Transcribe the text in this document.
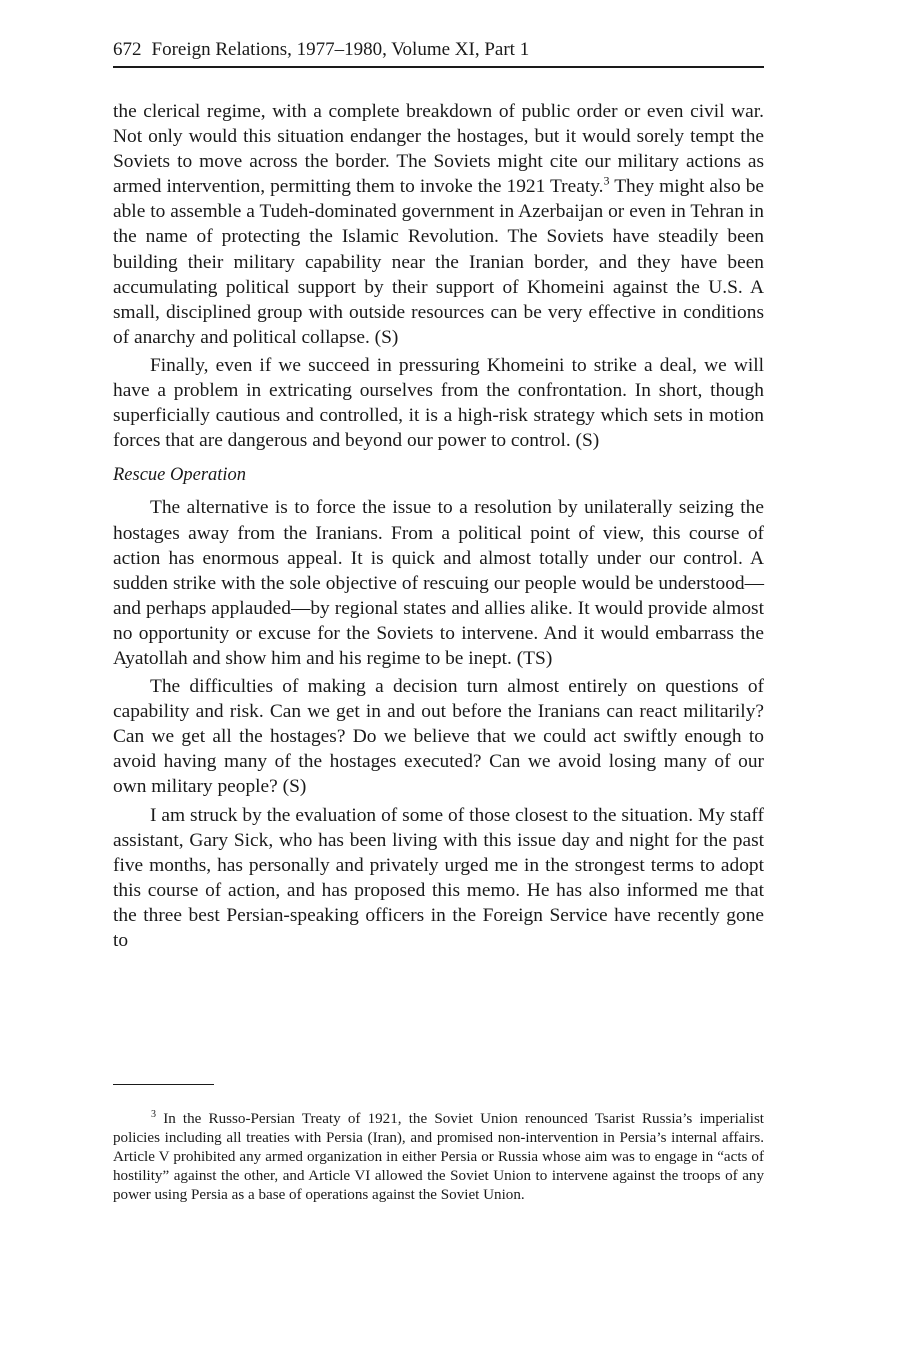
672 Foreign Relations, 1977–1980, Volume XI, Part 1

the clerical regime, with a complete breakdown of public order or even civil war. Not only would this situation endanger the hostages, but it would sorely tempt the Soviets to move across the border. The Soviets might cite our military actions as armed intervention, permitting them to invoke the 1921 Treaty.$^3$ They might also be able to assemble a Tudeh-dominated government in Azerbaijan or even in Tehran in the name of protecting the Islamic Revolution. The Soviets have steadily been building their military capability near the Iranian border, and they have been accumulating political support by their support of Khomeini against the U.S. A small, disciplined group with outside resources can be very effective in conditions of anarchy and political collapse. (S)

Finally, even if we succeed in pressuring Khomeini to strike a deal, we will have a problem in extricating ourselves from the confrontation. In short, though superficially cautious and controlled, it is a high-risk strategy which sets in motion forces that are dangerous and beyond our power to control. (S)

Rescue Operation

The alternative is to force the issue to a resolution by unilaterally seizing the hostages away from the Iranians. From a political point of view, this course of action has enormous appeal. It is quick and almost totally under our control. A sudden strike with the sole objective of rescuing our people would be understood—and perhaps applauded—by regional states and allies alike. It would provide almost no opportunity or excuse for the Soviets to intervene. And it would embarrass the Ayatollah and show him and his regime to be inept. (TS)

The difficulties of making a decision turn almost entirely on questions of capability and risk. Can we get in and out before the Iranians can react militarily? Can we get all the hostages? Do we believe that we could act swiftly enough to avoid having many of the hostages executed? Can we avoid losing many of our own military people? (S)

I am struck by the evaluation of some of those closest to the situation. My staff assistant, Gary Sick, who has been living with this issue day and night for the past five months, has personally and privately urged me in the strongest terms to adopt this course of action, and has proposed this memo. He has also informed me that the three best Persian-speaking officers in the Foreign Service have recently gone to

$^3$ In the Russo-Persian Treaty of 1921, the Soviet Union renounced Tsarist Russia’s imperialist policies including all treaties with Persia (Iran), and promised non-intervention in Persia’s internal affairs. Article V prohibited any armed organization in either Persia or Russia whose aim was to engage in “acts of hostility” against the other, and Article VI allowed the Soviet Union to intervene against the troops of any power using Persia as a base of operations against the Soviet Union.
